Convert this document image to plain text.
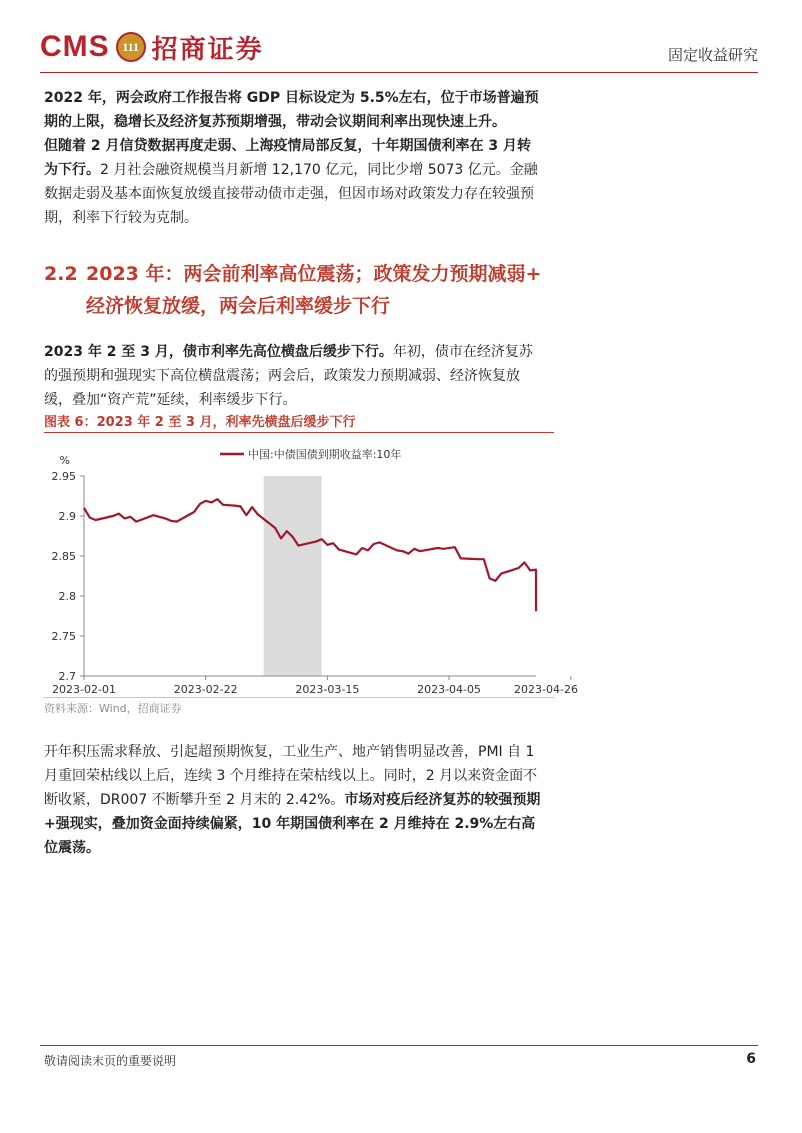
CMS	111 招商证券	固定收益研究

2022 年，两会政府工作报告将 GDP 目标设定为 5.5%左右，位于市场普遍预期的上限，稳增长及经济复苏预期增强，带动会议期间利率出现快速上升。

但随着 2 月信贷数据再度走弱、上海疫情局部反复，十年期国债利率在 3 月转为下行。2 月社会融资规模当月新增 12,170 亿元，同比少增 5073 亿元。金融数据走弱及基本面恢复放缓直接带动债市走强，但因市场对政策发力存在较强预期，利率下行较为克制。

2.2 2023 年：两会前利率高位震荡；政策发力预期减弱+
经济恢复放缓，两会后利率缓步下行

2023 年 2 至 3 月，债市利率先高位横盘后缓步下行。年初，债市在经济复苏的强预期和强现实下高位横盘震荡；两会后，政策发力预期减弱、经济恢复放缓，叠加“资产荒”延续，利率缓步下行。

图表 6：2023 年 2 至 3 月，利率先横盘后缓步下行
2.7
2.75
2.8
2.85
2.9
2.95
%
2023-02-01	2023-02-22	2023-03-15	2023-04-05	2023-04-26
中国:中债国债到期收益率:10年
资料来源：Wind，招商证券

开年积压需求释放、引起超预期恢复，工业生产、地产销售明显改善，PMI 自 1 月重回荣枯线以上后，连续 3 个月维持在荣枯线以上。同时，2 月以来资金面不断收紧，DR007 不断攀升至 2 月末的 2.42%。市场对疫后经济复苏的较强预期+强现实，叠加资金面持续偏紧，10 年期国债利率在 2 月维持在 2.9%左右高位震荡。

敬请阅读末页的重要说明	6
